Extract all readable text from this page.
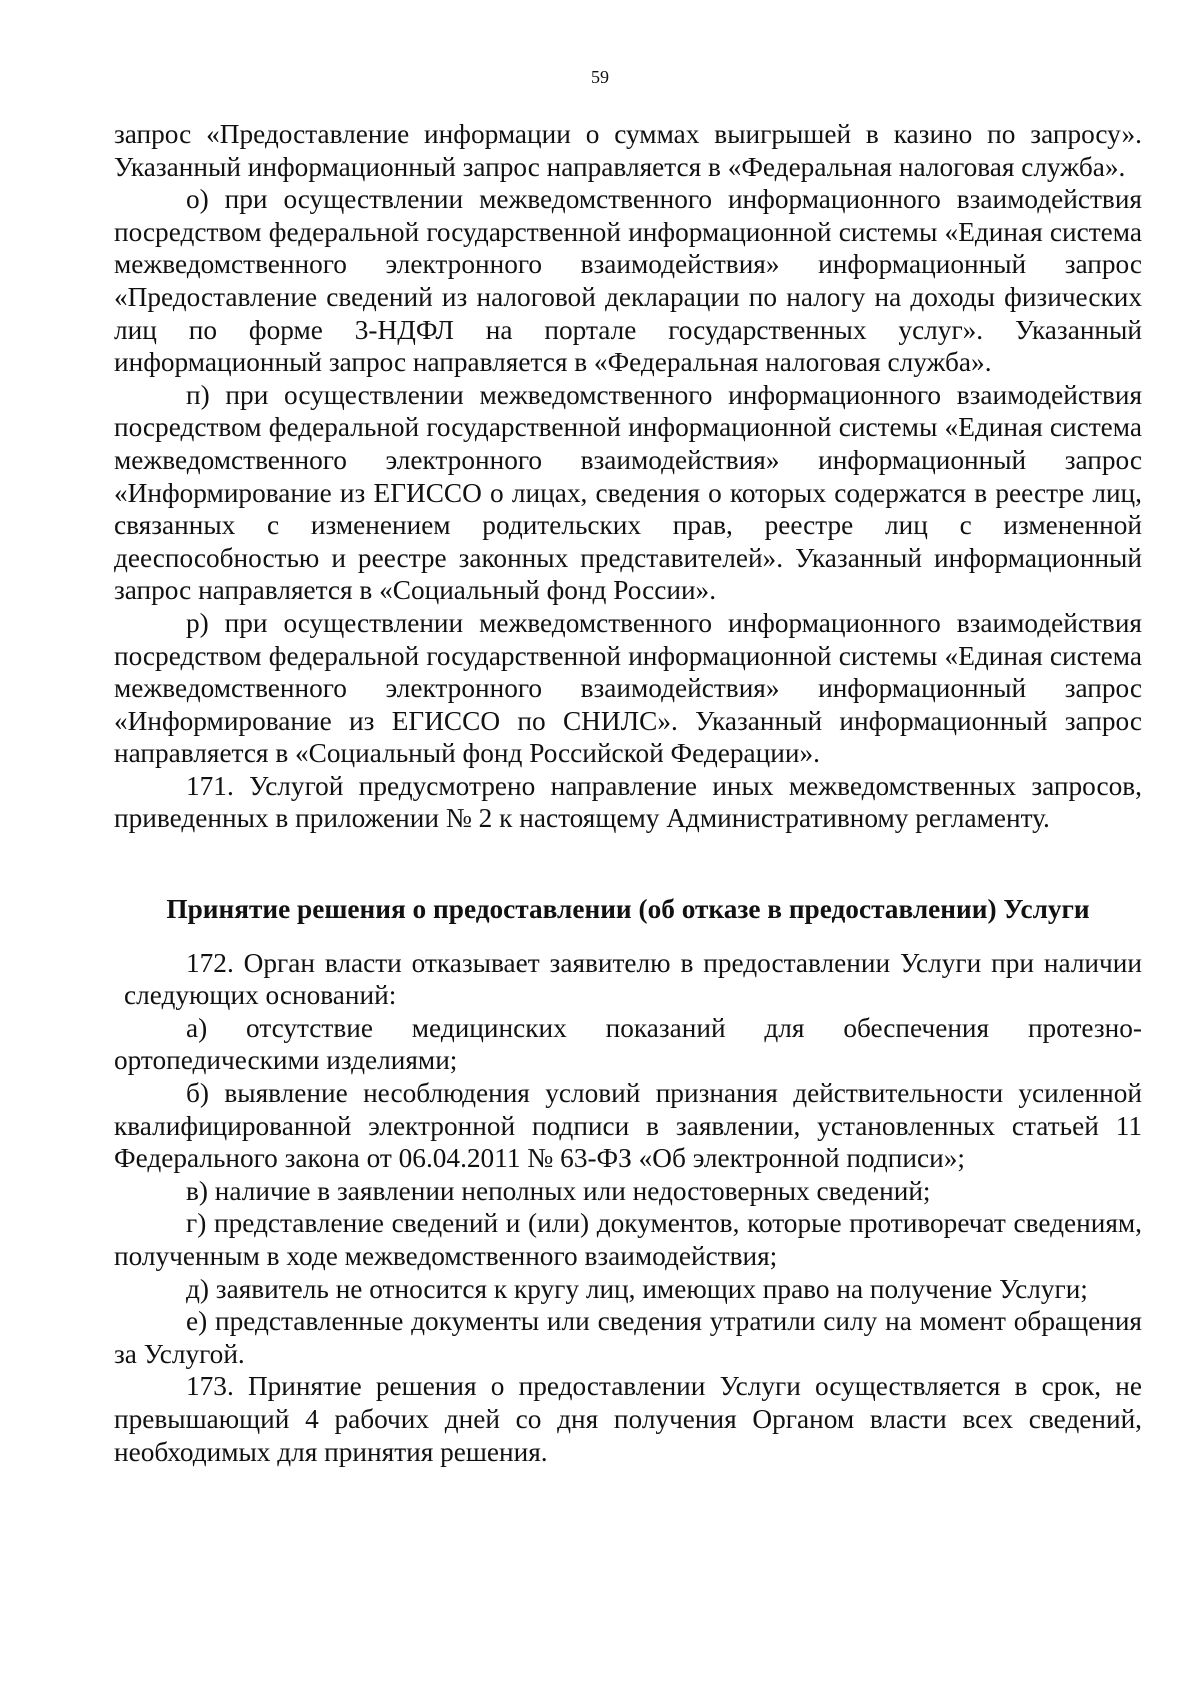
59

запрос «Предоставление информации о суммах выигрышей в казино по запросу». Указанный информационный запрос направляется в «Федеральная налоговая служба».

о) при осуществлении межведомственного информационного взаимодействия посредством федеральной государственной информационной системы «Единая система межведомственного электронного взаимодействия» информационный запрос «Предоставление сведений из налоговой декларации по налогу на доходы физических лиц по форме 3-НДФЛ на портале государственных услуг». Указанный информационный запрос направляется в «Федеральная налоговая служба».

п) при осуществлении межведомственного информационного взаимодействия посредством федеральной государственной информационной системы «Единая система межведомственного электронного взаимодействия» информационный запрос «Информирование из ЕГИССО о лицах, сведения о которых содержатся в реестре лиц, связанных с изменением родительских прав, реестре лиц с измененной дееспособностью и реестре законных представителей». Указанный информационный запрос направляется в «Социальный фонд России».

р) при осуществлении межведомственного информационного взаимодействия посредством федеральной государственной информационной системы «Единая система межведомственного электронного взаимодействия» информационный запрос «Информирование из ЕГИССО по СНИЛС». Указанный информационный запрос направляется в «Социальный фонд Российской Федерации».

171. Услугой предусмотрено направление иных межведомственных запросов, приведенных в приложении № 2 к настоящему Административному регламенту.

Принятие решения о предоставлении (об отказе в предоставлении) Услуги

172. Орган власти отказывает заявителю в предоставлении Услуги при наличии следующих оснований:

а) отсутствие медицинских показаний для обеспечения протезно-ортопедическими изделиями;

б) выявление несоблюдения условий признания действительности усиленной квалифицированной электронной подписи в заявлении, установленных статьей 11 Федерального закона от 06.04.2011 № 63-ФЗ «Об электронной подписи»;

в) наличие в заявлении неполных или недостоверных сведений;

г) представление сведений и (или) документов, которые противоречат сведениям, полученным в ходе межведомственного взаимодействия;

д) заявитель не относится к кругу лиц, имеющих право на получение Услуги;

е) представленные документы или сведения утратили силу на момент обращения за Услугой.

173. Принятие решения о предоставлении Услуги осуществляется в срок, не превышающий 4 рабочих дней со дня получения Органом власти всех сведений, необходимых для принятия решения.
